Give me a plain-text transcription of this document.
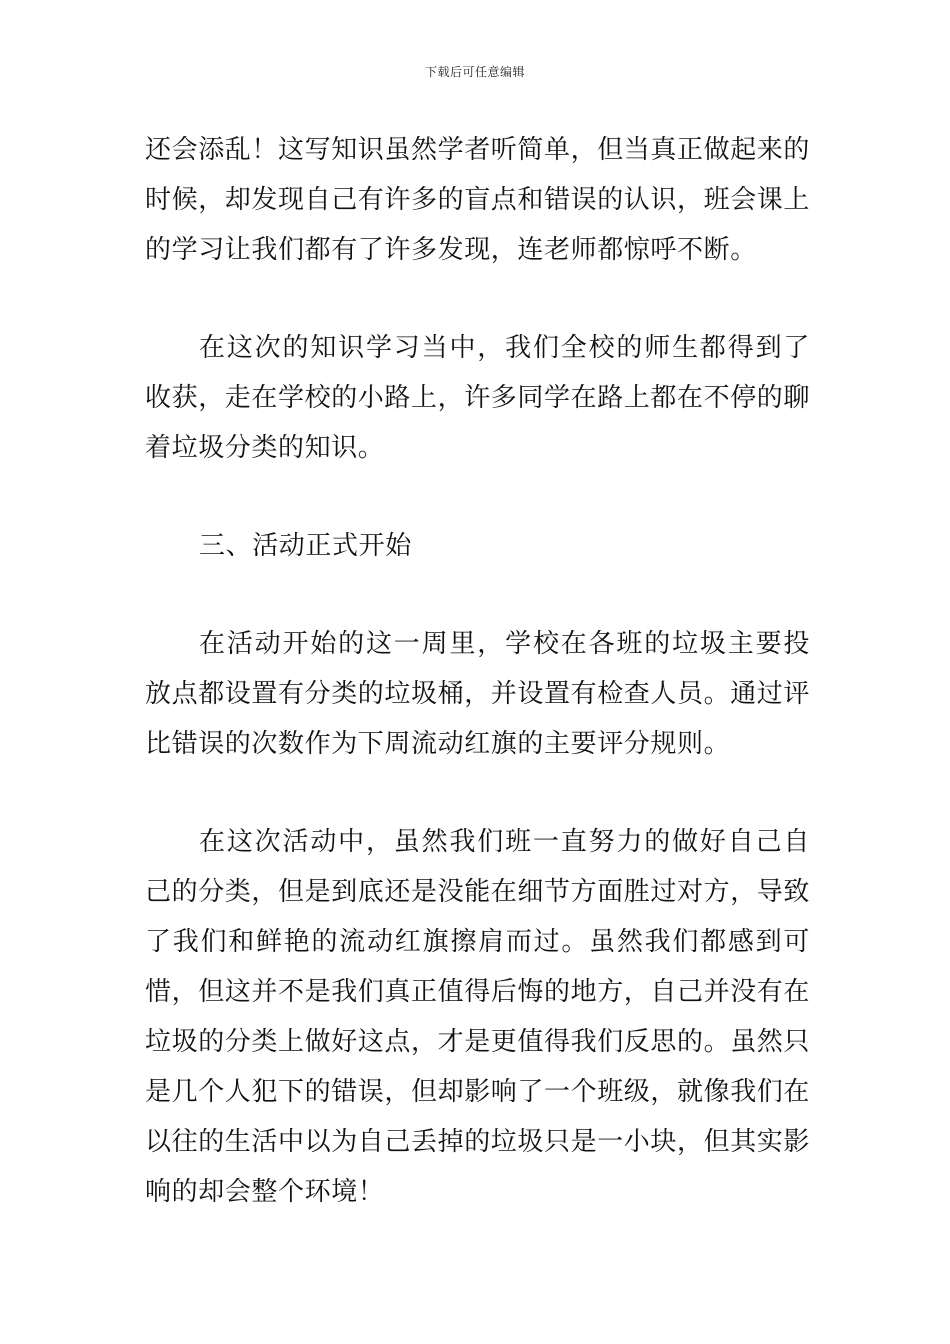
下载后可任意编辑

还会添乱！这写知识虽然学者听简单，但当真正做起来的时候，却发现自己有许多的盲点和错误的认识，班会课上的学习让我们都有了许多发现，连老师都惊呼不断。

在这次的知识学习当中，我们全校的师生都得到了收获，走在学校的小路上，许多同学在路上都在不停的聊着垃圾分类的知识。

三、活动正式开始

在活动开始的这一周里，学校在各班的垃圾主要投放点都设置有分类的垃圾桶，并设置有检查人员。通过评比错误的次数作为下周流动红旗的主要评分规则。

在这次活动中，虽然我们班一直努力的做好自己自己的分类，但是到底还是没能在细节方面胜过对方，导致了我们和鲜艳的流动红旗擦肩而过。虽然我们都感到可惜，但这并不是我们真正值得后悔的地方，自己并没有在垃圾的分类上做好这点，才是更值得我们反思的。虽然只是几个人犯下的错误，但却影响了一个班级，就像我们在以往的生活中以为自己丢掉的垃圾只是一小块，但其实影响的却会整个环境！
